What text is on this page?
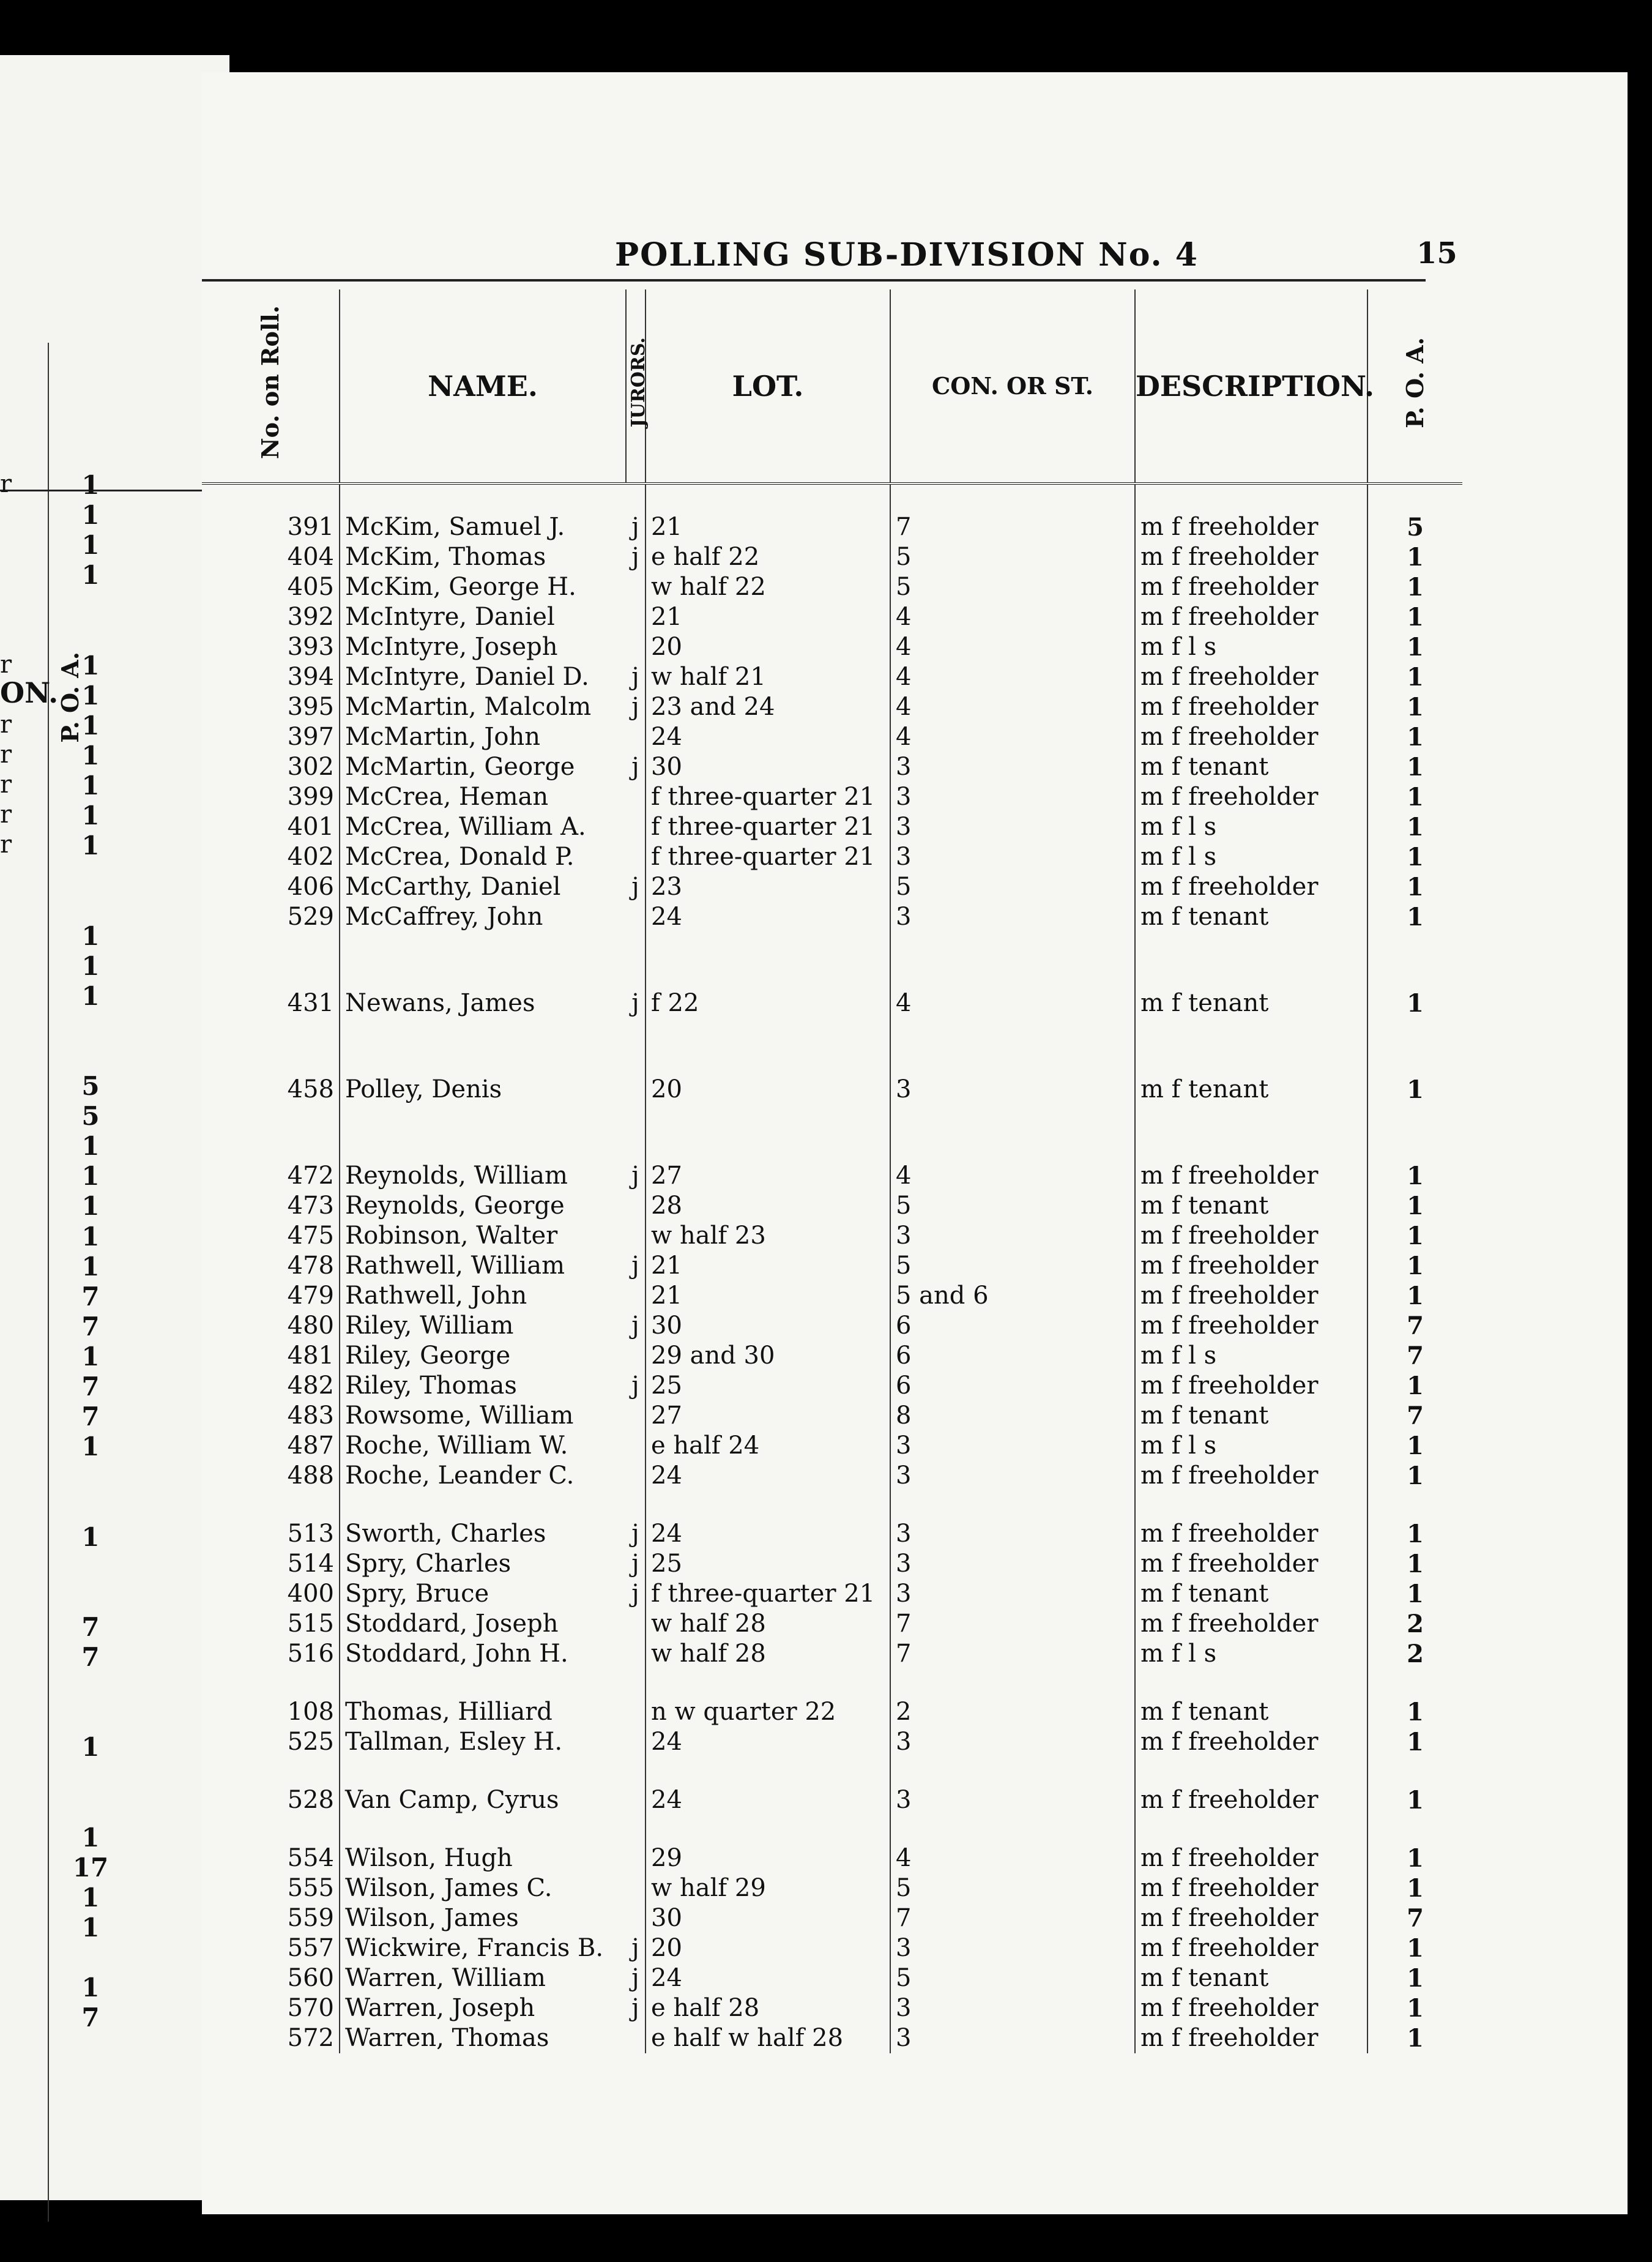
ON.
P. O. A.
r	1
1
1
1
r	1
1
r	1
r	1
r	1
r	1
r	1
1
1
1
5
5
1
1
1
1
1
7
7
1
7
7
1
1
7
7
1
1
17
1
1
1
7
POLLING SUB-DIVISION No. 4	15
No. on Roll.	NAME.	JURORS.	LOT.	CON. OR ST.	DESCRIPTION.	P. O. A.
391	McKim, Samuel J.	j	21	7	m f freeholder	5
404	McKim, Thomas	j	e half 22	5	m f freeholder	1
405	McKim, George H.		w half 22	5	m f freeholder	1
392	McIntyre, Daniel		21	4	m f freeholder	1
393	McIntyre, Joseph		20	4	m f l s	1
394	McIntyre, Daniel D.	j	w half 21	4	m f freeholder	1
395	McMartin, Malcolm	j	23 and 24	4	m f freeholder	1
397	McMartin, John		24	4	m f freeholder	1
302	McMartin, George	j	30	3	m f tenant	1
399	McCrea, Heman		f three-quarter 21	3	m f freeholder	1
401	McCrea, William A.		f three-quarter 21	3	m f l s	1
402	McCrea, Donald P.		f three-quarter 21	3	m f l s	1
406	McCarthy, Daniel	j	23	5	m f freeholder	1
529	McCaffrey, John		24	3	m f tenant	1

431	Newans, James	j	f 22	4	m f tenant	1

458	Polley, Denis		20	3	m f tenant	1

472	Reynolds, William	j	27	4	m f freeholder	1
473	Reynolds, George		28	5	m f tenant	1
475	Robinson, Walter		w half 23	3	m f freeholder	1
478	Rathwell, William	j	21	5	m f freeholder	1
479	Rathwell, John		21	5 and 6	m f freeholder	1
480	Riley, William	j	30	6	m f freeholder	7
481	Riley, George		29 and 30	6	m f l s	7
482	Riley, Thomas	j	25	6	m f freeholder	1
483	Rowsome, William		27	8	m f tenant	7
487	Roche, William W.		e half 24	3	m f l s	1
488	Roche, Leander C.		24	3	m f freeholder	1

513	Sworth, Charles	j	24	3	m f freeholder	1
514	Spry, Charles	j	25	3	m f freeholder	1
400	Spry, Bruce	j	f three-quarter 21	3	m f tenant	1
515	Stoddard, Joseph		w half 28	7	m f freeholder	2
516	Stoddard, John H.		w half 28	7	m f l s	2

108	Thomas, Hilliard		n w quarter 22	2	m f tenant	1
525	Tallman, Esley H.		24	3	m f freeholder	1

528	Van Camp, Cyrus		24	3	m f freeholder	1

554	Wilson, Hugh		29	4	m f freeholder	1
555	Wilson, James C.		w half 29	5	m f freeholder	1
559	Wilson, James		30	7	m f freeholder	7
557	Wickwire, Francis B.	j	20	3	m f freeholder	1
560	Warren, William	j	24	5	m f tenant	1
570	Warren, Joseph	j	e half 28	3	m f freeholder	1
572	Warren, Thomas		e half w half 28	3	m f freeholder	1
